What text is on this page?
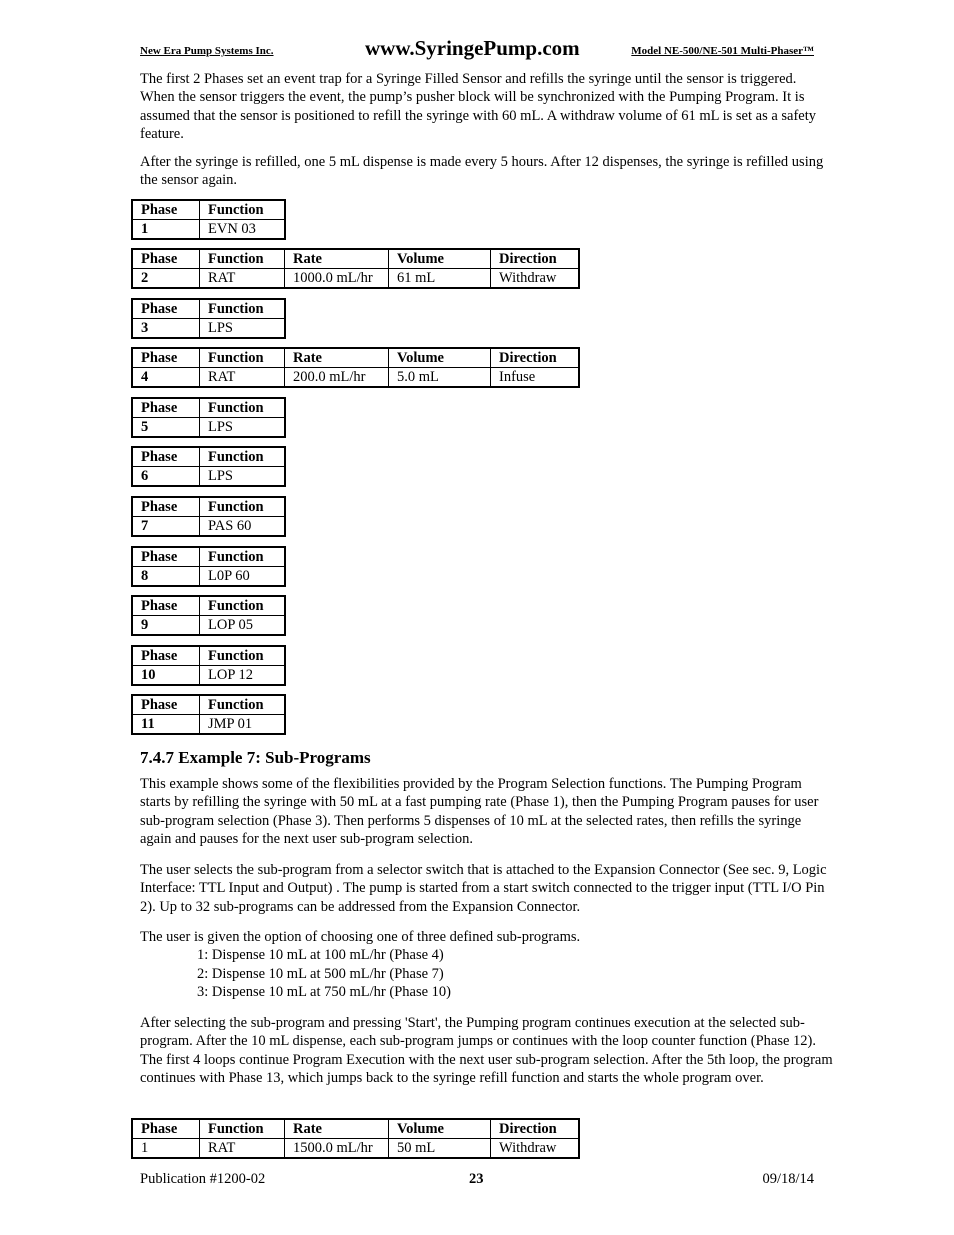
New Era Pump Systems Inc.	www.SyringePump.com	Model NE-500/NE-501 Multi-Phaser™

The first 2 Phases set an event trap for a Syringe Filled Sensor and refills the syringe until the sensor is triggered. When the sensor triggers the event, the pump’s pusher block will be synchronized with the Pumping Program. It is assumed that the sensor is positioned to refill the syringe with 60 mL. A withdraw volume of 61 mL is set as a safety feature.

After the syringe is refilled, one 5 mL dispense is made every 5 hours. After 12 dispenses, the syringe is refilled using the sensor again.

Phase	Function
1	EVN 03
Phase	Function	Rate	Volume	Direction
2	RAT	1000.0 mL/hr	61 mL	Withdraw
Phase	Function
3	LPS
Phase	Function	Rate	Volume	Direction
4	RAT	200.0 mL/hr	5.0 mL	Infuse
Phase	Function
5	LPS
Phase	Function
6	LPS
Phase	Function
7	PAS 60
Phase	Function
8	L0P 60
Phase	Function
9	LOP 05
Phase	Function
10	LOP 12
Phase	Function
11	JMP 01
7.4.7 Example 7: Sub-Programs

This example shows some of the flexibilities provided by the Program Selection functions. The Pumping Program starts by refilling the syringe with 50 mL at a fast pumping rate (Phase 1), then the Pumping Program pauses for user sub-program selection (Phase 3). Then performs 5 dispenses of 10 mL at the selected rates, then refills the syringe again and pauses for the next user sub-program selection.

The user selects the sub-program from a selector switch that is attached to the Expansion Connector (See sec. 9, Logic Interface: TTL Input and Output) . The pump is started from a start switch connected to the trigger input (TTL I/O Pin 2). Up to 32 sub-programs can be addressed from the Expansion Connector.

The user is given the option of choosing one of three defined sub-programs.

1: Dispense 10 mL at 100 mL/hr (Phase 4)

2: Dispense 10 mL at 500 mL/hr (Phase 7)

3: Dispense 10 mL at 750 mL/hr (Phase 10)

After selecting the sub-program and pressing 'Start', the Pumping program continues execution at the selected sub-program. After the 10 mL dispense, each sub-program jumps or continues with the loop counter function (Phase 12). The first 4 loops continue Program Execution with the next user sub-program selection. After the 5th loop, the program continues with Phase 13, which jumps back to the syringe refill function and starts the whole program over.

Phase	Function	Rate	Volume	Direction
1	RAT	1500.0 mL/hr	50 mL	Withdraw
Publication #1200-02	23	09/18/14
